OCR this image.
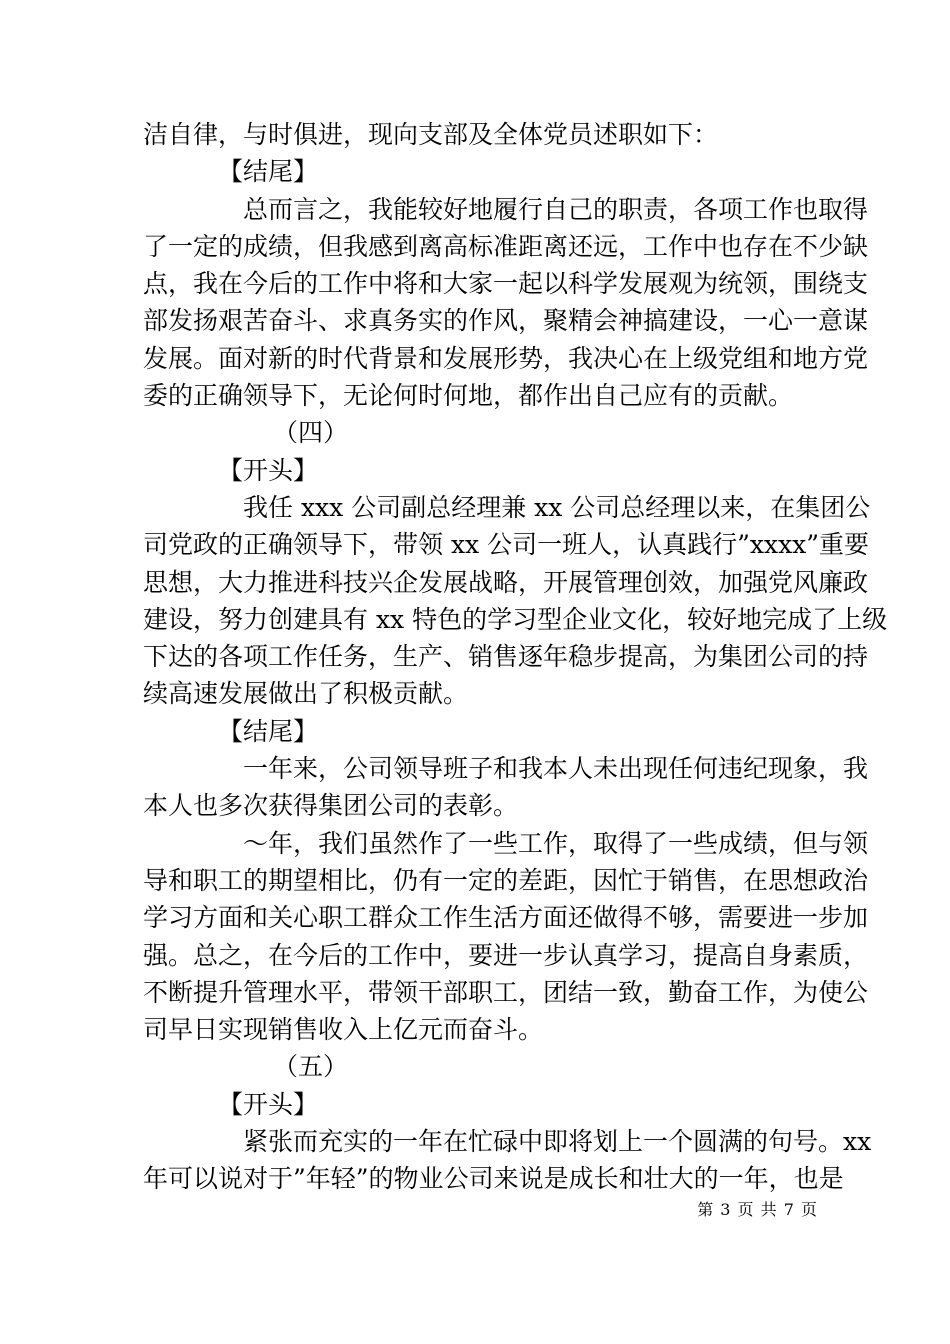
洁自律，与时俱进，现向支部及全体党员述职如下：
【结尾】
总而言之，我能较好地履行自己的职责，各项工作也取得
了一定的成绩，但我感到离高标准距离还远，工作中也存在不少缺
点，我在今后的工作中将和大家一起以科学发展观为统领，围绕支
部发扬艰苦奋斗、求真务实的作风，聚精会神搞建设，一心一意谋
发展。面对新的时代背景和发展形势，我决心在上级党组和地方党
委的正确领导下，无论何时何地，都作出自己应有的贡献。
（四）
【开头】
我任 xxx 公司副总经理兼 xx 公司总经理以来，在集团公
司党政的正确领导下，带领 xx 公司一班人，认真践行”xxxx”重要
思想，大力推进科技兴企发展战略，开展管理创效，加强党风廉政
建设，努力创建具有 xx 特色的学习型企业文化，较好地完成了上级
下达的各项工作任务，生产、销售逐年稳步提高，为集团公司的持
续高速发展做出了积极贡献。
【结尾】
一年来，公司领导班子和我本人未出现任何违纪现象，我
本人也多次获得集团公司的表彰。
～年，我们虽然作了一些工作，取得了一些成绩，但与领
导和职工的期望相比，仍有一定的差距，因忙于销售，在思想政治
学习方面和关心职工群众工作生活方面还做得不够，需要进一步加
强。总之，在今后的工作中，要进一步认真学习，提高自身素质，
不断提升管理水平，带领干部职工，团结一致，勤奋工作，为使公
司早日实现销售收入上亿元而奋斗。
（五）
【开头】
紧张而充实的一年在忙碌中即将划上一个圆满的句号。xx
年可以说对于”年轻”的物业公司来说是成长和壮大的一年，也是
第 3 页 共 7 页
